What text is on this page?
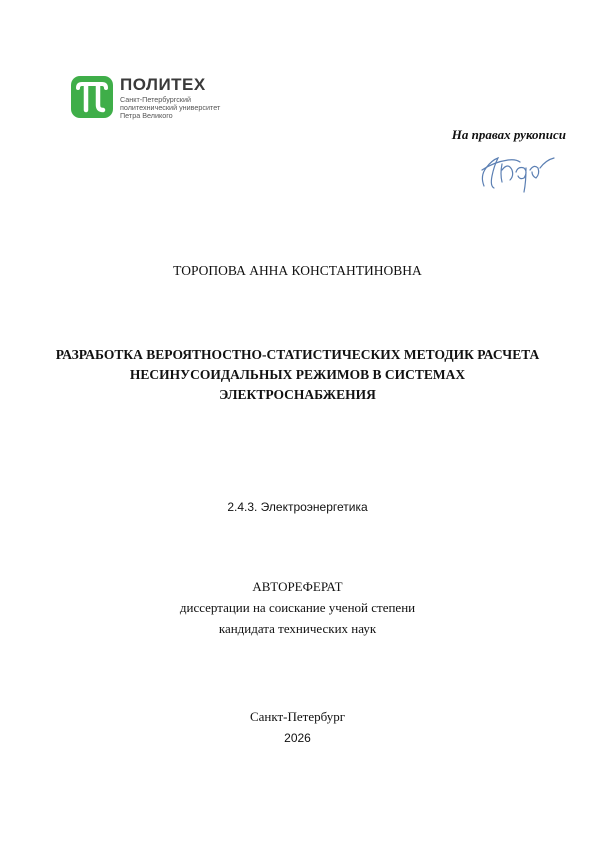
ПОЛИТЕХ
Санкт-Петербургский
политехнический университет
Петра Великого
На правах рукописи
ТОРОПОВА АННА КОНСТАНТИНОВНА
РАЗРАБОТКА ВЕРОЯТНОСТНО-СТАТИСТИЧЕСКИХ МЕТОДИК РАСЧЕТА
НЕСИНУСОИДАЛЬНЫХ РЕЖИМОВ В СИСТЕМАХ
ЭЛЕКТРОСНАБЖЕНИЯ
2.4.3. Электроэнергетика
АВТОРЕФЕРАТ
диссертации на соискание ученой степени
кандидата технических наук
Санкт-Петербург
2026
